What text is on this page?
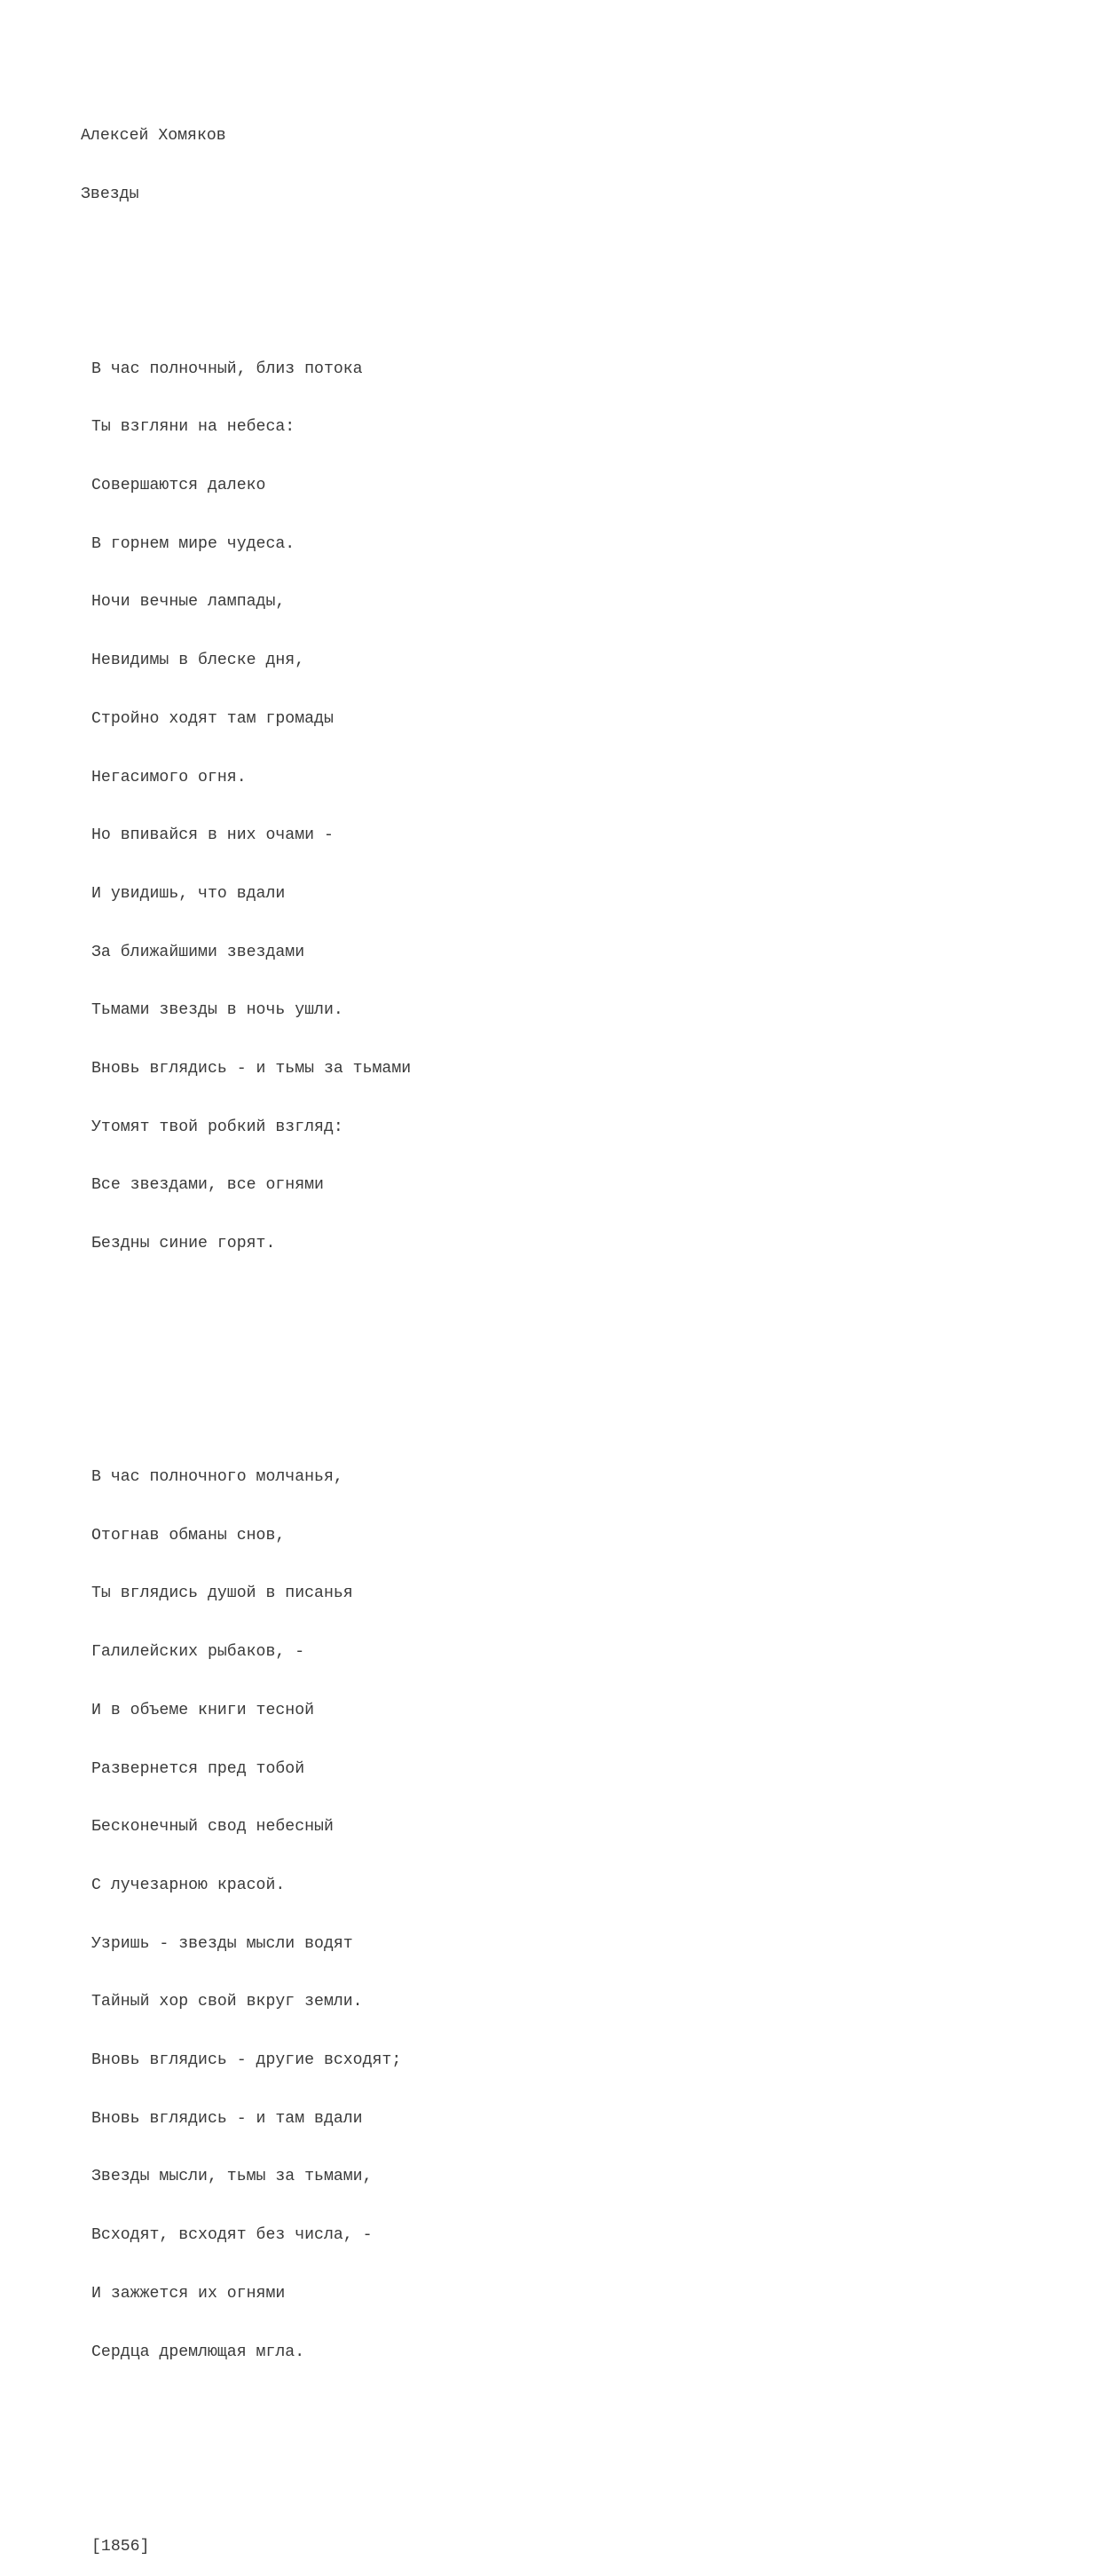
Алексей Хомяков

Звезды

В час полночный, близ потока

Ты взгляни на небеса:

Совершаются далеко

В горнем мире чудеса.

Ночи вечные лампады,

Невидимы в блеске дня,

Стройно ходят там громады

Негасимого огня.

Но впивайся в них очами -

И увидишь, что вдали

За ближайшими звездами

Тьмами звезды в ночь ушли.

Вновь вглядись - и тьмы за тьмами

Утомят твой робкий взгляд:

Все звездами, все огнями

Бездны синие горят.

В час полночного молчанья,

Отогнав обманы снов,

Ты вглядись душой в писанья

Галилейских рыбаков, -

И в объеме книги тесной

Развернется пред тобой

Бесконечный свод небесный

С лучезарною красой.

Узришь - звезды мысли водят

Тайный хор свой вкруг земли.

Вновь вглядись - другие всходят;

Вновь вглядись - и там вдали

Звезды мысли, тьмы за тьмами,

Всходят, всходят без числа, -

И зажжется их огнями

Сердца дремлющая мгла.

[1856]
